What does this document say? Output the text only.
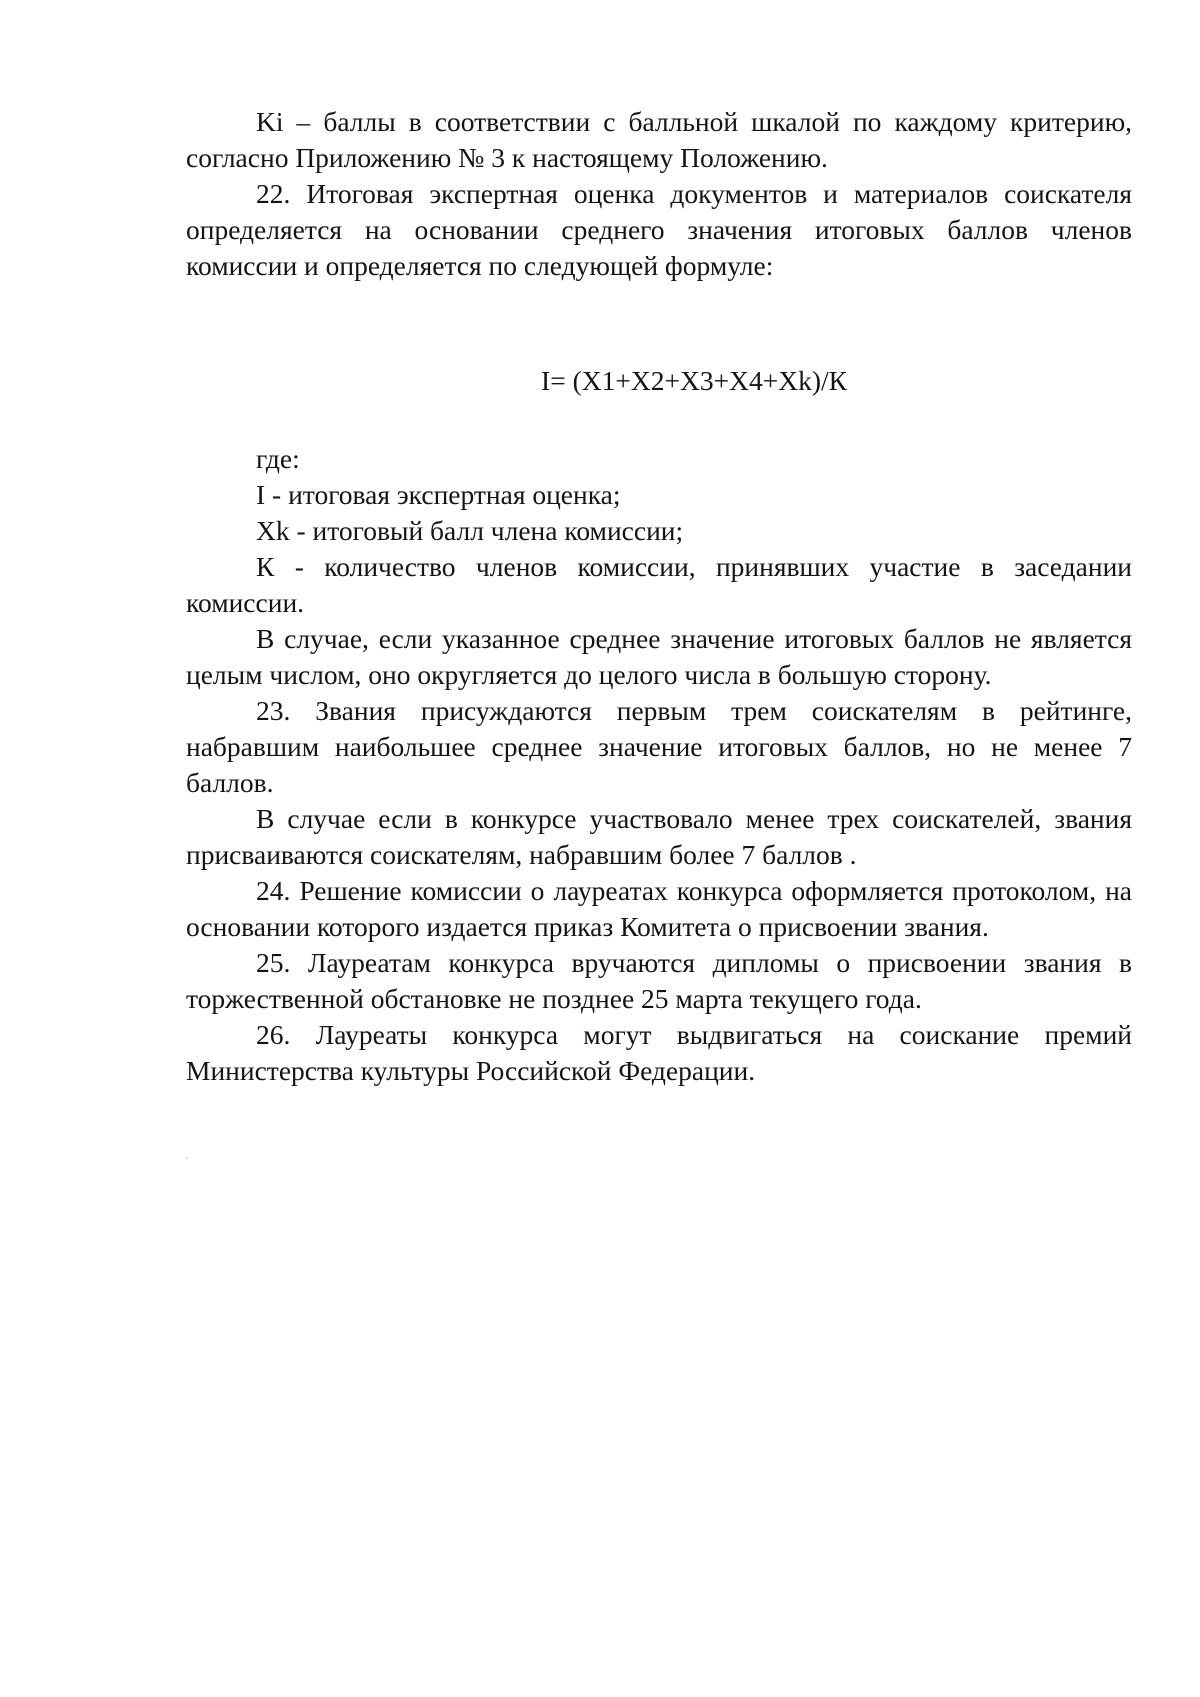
Ki – баллы в соответствии с балльной шкалой по каждому критерию, согласно Приложению № 3 к настоящему Положению.

22. Итоговая экспертная оценка документов и материалов соискателя определяется на основании среднего значения итоговых баллов членов комиссии и определяется по следующей формуле:

I= (X1+X2+X3+X4+Xk)/К

где:

I - итоговая экспертная оценка;

Xk - итоговый балл члена комиссии;

К - количество членов комиссии, принявших участие в заседании комиссии.

В случае, если указанное среднее значение итоговых баллов не является целым числом, оно округляется до целого числа в большую сторону.

23. Звания присуждаются первым трем соискателям в рейтинге, набравшим наибольшее среднее значение итоговых баллов, но не менее 7 баллов.

В случае если в конкурсе участвовало менее трех соискателей, звания присваиваются соискателям, набравшим более 7 баллов .

24. Решение комиссии о лауреатах конкурса оформляется протоколом, на основании которого издается приказ Комитета о присвоении звания.

25. Лауреатам конкурса вручаются дипломы о присвоении звания в торжественной обстановке не позднее 25 марта текущего года.

26. Лауреаты конкурса могут выдвигаться на соискание премий Министерства культуры Российской Федерации.
